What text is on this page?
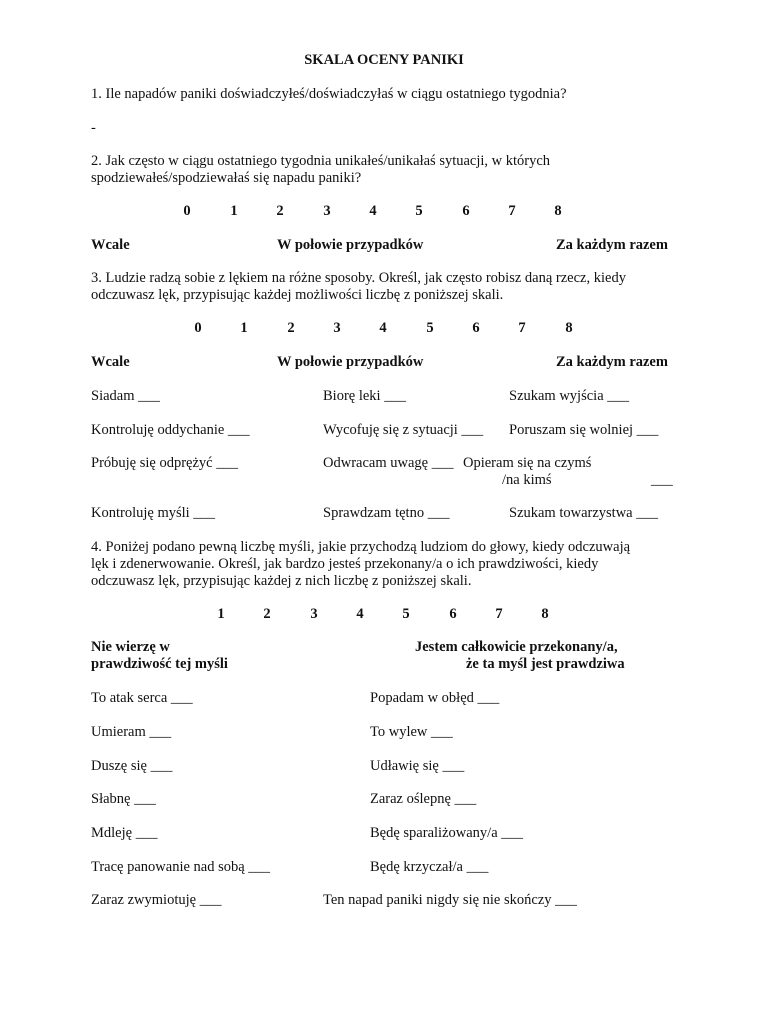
SKALA OCENY PANIKI
1. Ile napadów paniki doświadczyłeś/doświadczyłaś w ciągu ostatniego tygodnia?
-
2. Jak często w ciągu ostatniego tygodnia unikałeś/unikałaś sytuacji, w których
spodziewałeś/spodziewałaś się napadu paniki?
0	1	2	3	4	5	6	7	8
Wcale	W połowie przypadków	Za każdym razem
3. Ludzie radzą sobie z lękiem na różne sposoby. Określ, jak często robisz daną rzecz, kiedy
odczuwasz lęk, przypisując każdej możliwości liczbę z poniższej skali.
0	1	2	3	4	5	6	7	8
Wcale	W połowie przypadków	Za każdym razem
Siadam ___	Biorę leki ___	Szukam wyjścia ___
Kontroluję oddychanie ___	Wycofuję się z sytuacji ___ Poruszam się wolniej ___
Próbuję się odprężyć ___	Odwracam uwagę ___ Opieram się na czymś
/na kimś	___
Kontroluję myśli ___	Sprawdzam tętno ___	Szukam towarzystwa ___
4. Poniżej podano pewną liczbę myśli, jakie przychodzą ludziom do głowy, kiedy odczuwają
lęk i zdenerwowanie. Określ, jak bardzo jesteś przekonany/a o ich prawdziwości, kiedy
odczuwasz lęk, przypisując każdej z nich liczbę z poniższej skali.
1	2	3	4	5	6	7	8
Nie wierzę w
prawdziwość tej myśli
Jestem całkowicie przekonany/a,
że ta myśl jest prawdziwa
To atak serca ___	Popadam w obłęd ___
Umieram ___	To wylew ___
Duszę się ___	Udławię się ___
Słabnę ___	Zaraz oślepnę ___
Mdleję ___	Będę sparaliżowany/a ___
Tracę panowanie nad sobą ___	Będę krzyczał/a ___
Zaraz zwymiotuję ___	Ten napad paniki nigdy się nie skończy ___
